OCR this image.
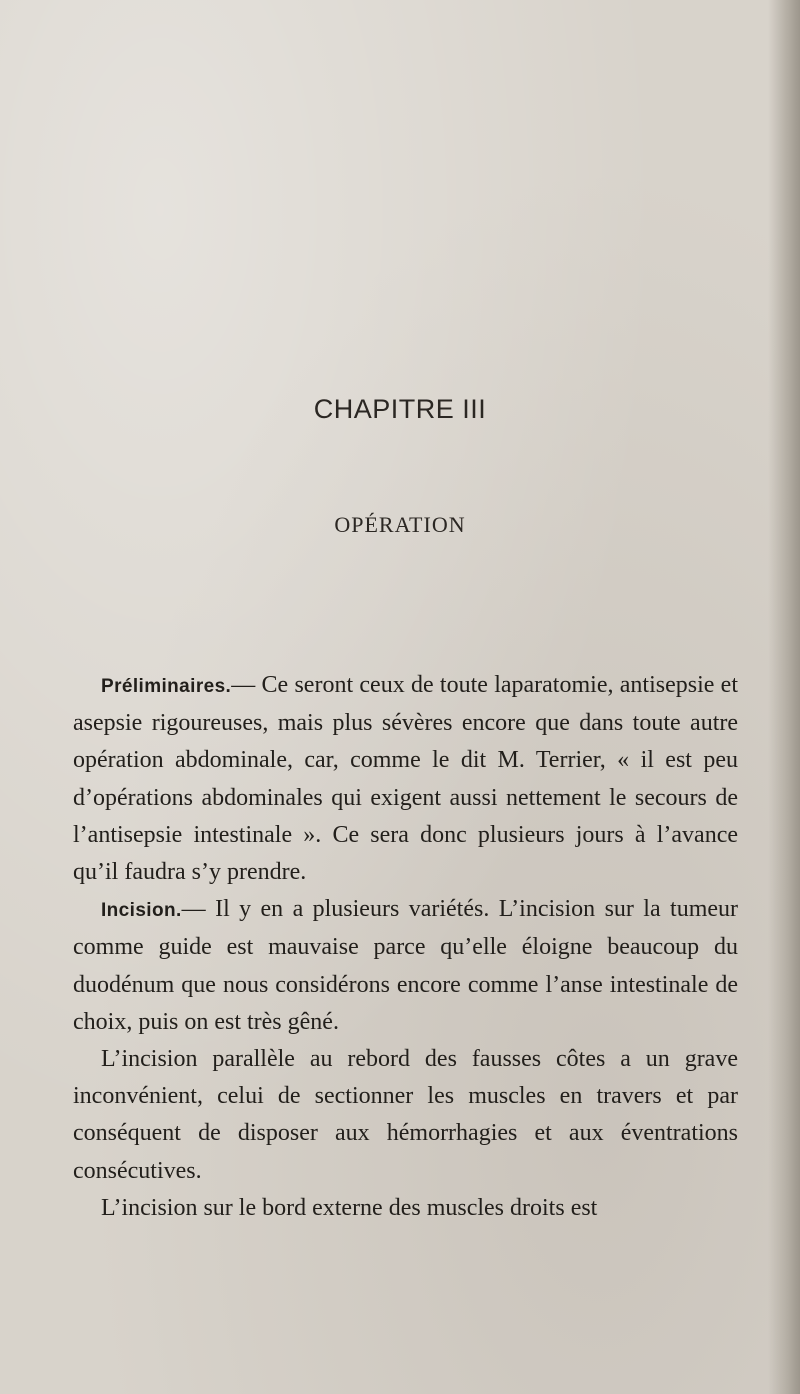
CHAPITRE III
OPÉRATION

Préliminaires.— Ce seront ceux de toute laparatomie, antisepsie et asepsie rigoureuses, mais plus sévères encore que dans toute autre opération abdominale, car, comme le dit M. Terrier, « il est peu d’opérations abdominales qui exigent aussi nettement le secours de l’antisepsie intestinale ». Ce sera donc plusieurs jours à l’avance qu’il faudra s’y prendre.

Incision.— Il y en a plusieurs variétés. L’incision sur la tumeur comme guide est mauvaise parce qu’elle éloigne beaucoup du duodénum que nous considérons encore comme l’anse intestinale de choix, puis on est très gêné.

L’incision parallèle au rebord des fausses côtes a un grave inconvénient, celui de sectionner les muscles en travers et par conséquent de disposer aux hémorrhagies et aux éventrations consécutives.

L’incision sur le bord externe des muscles droits est
